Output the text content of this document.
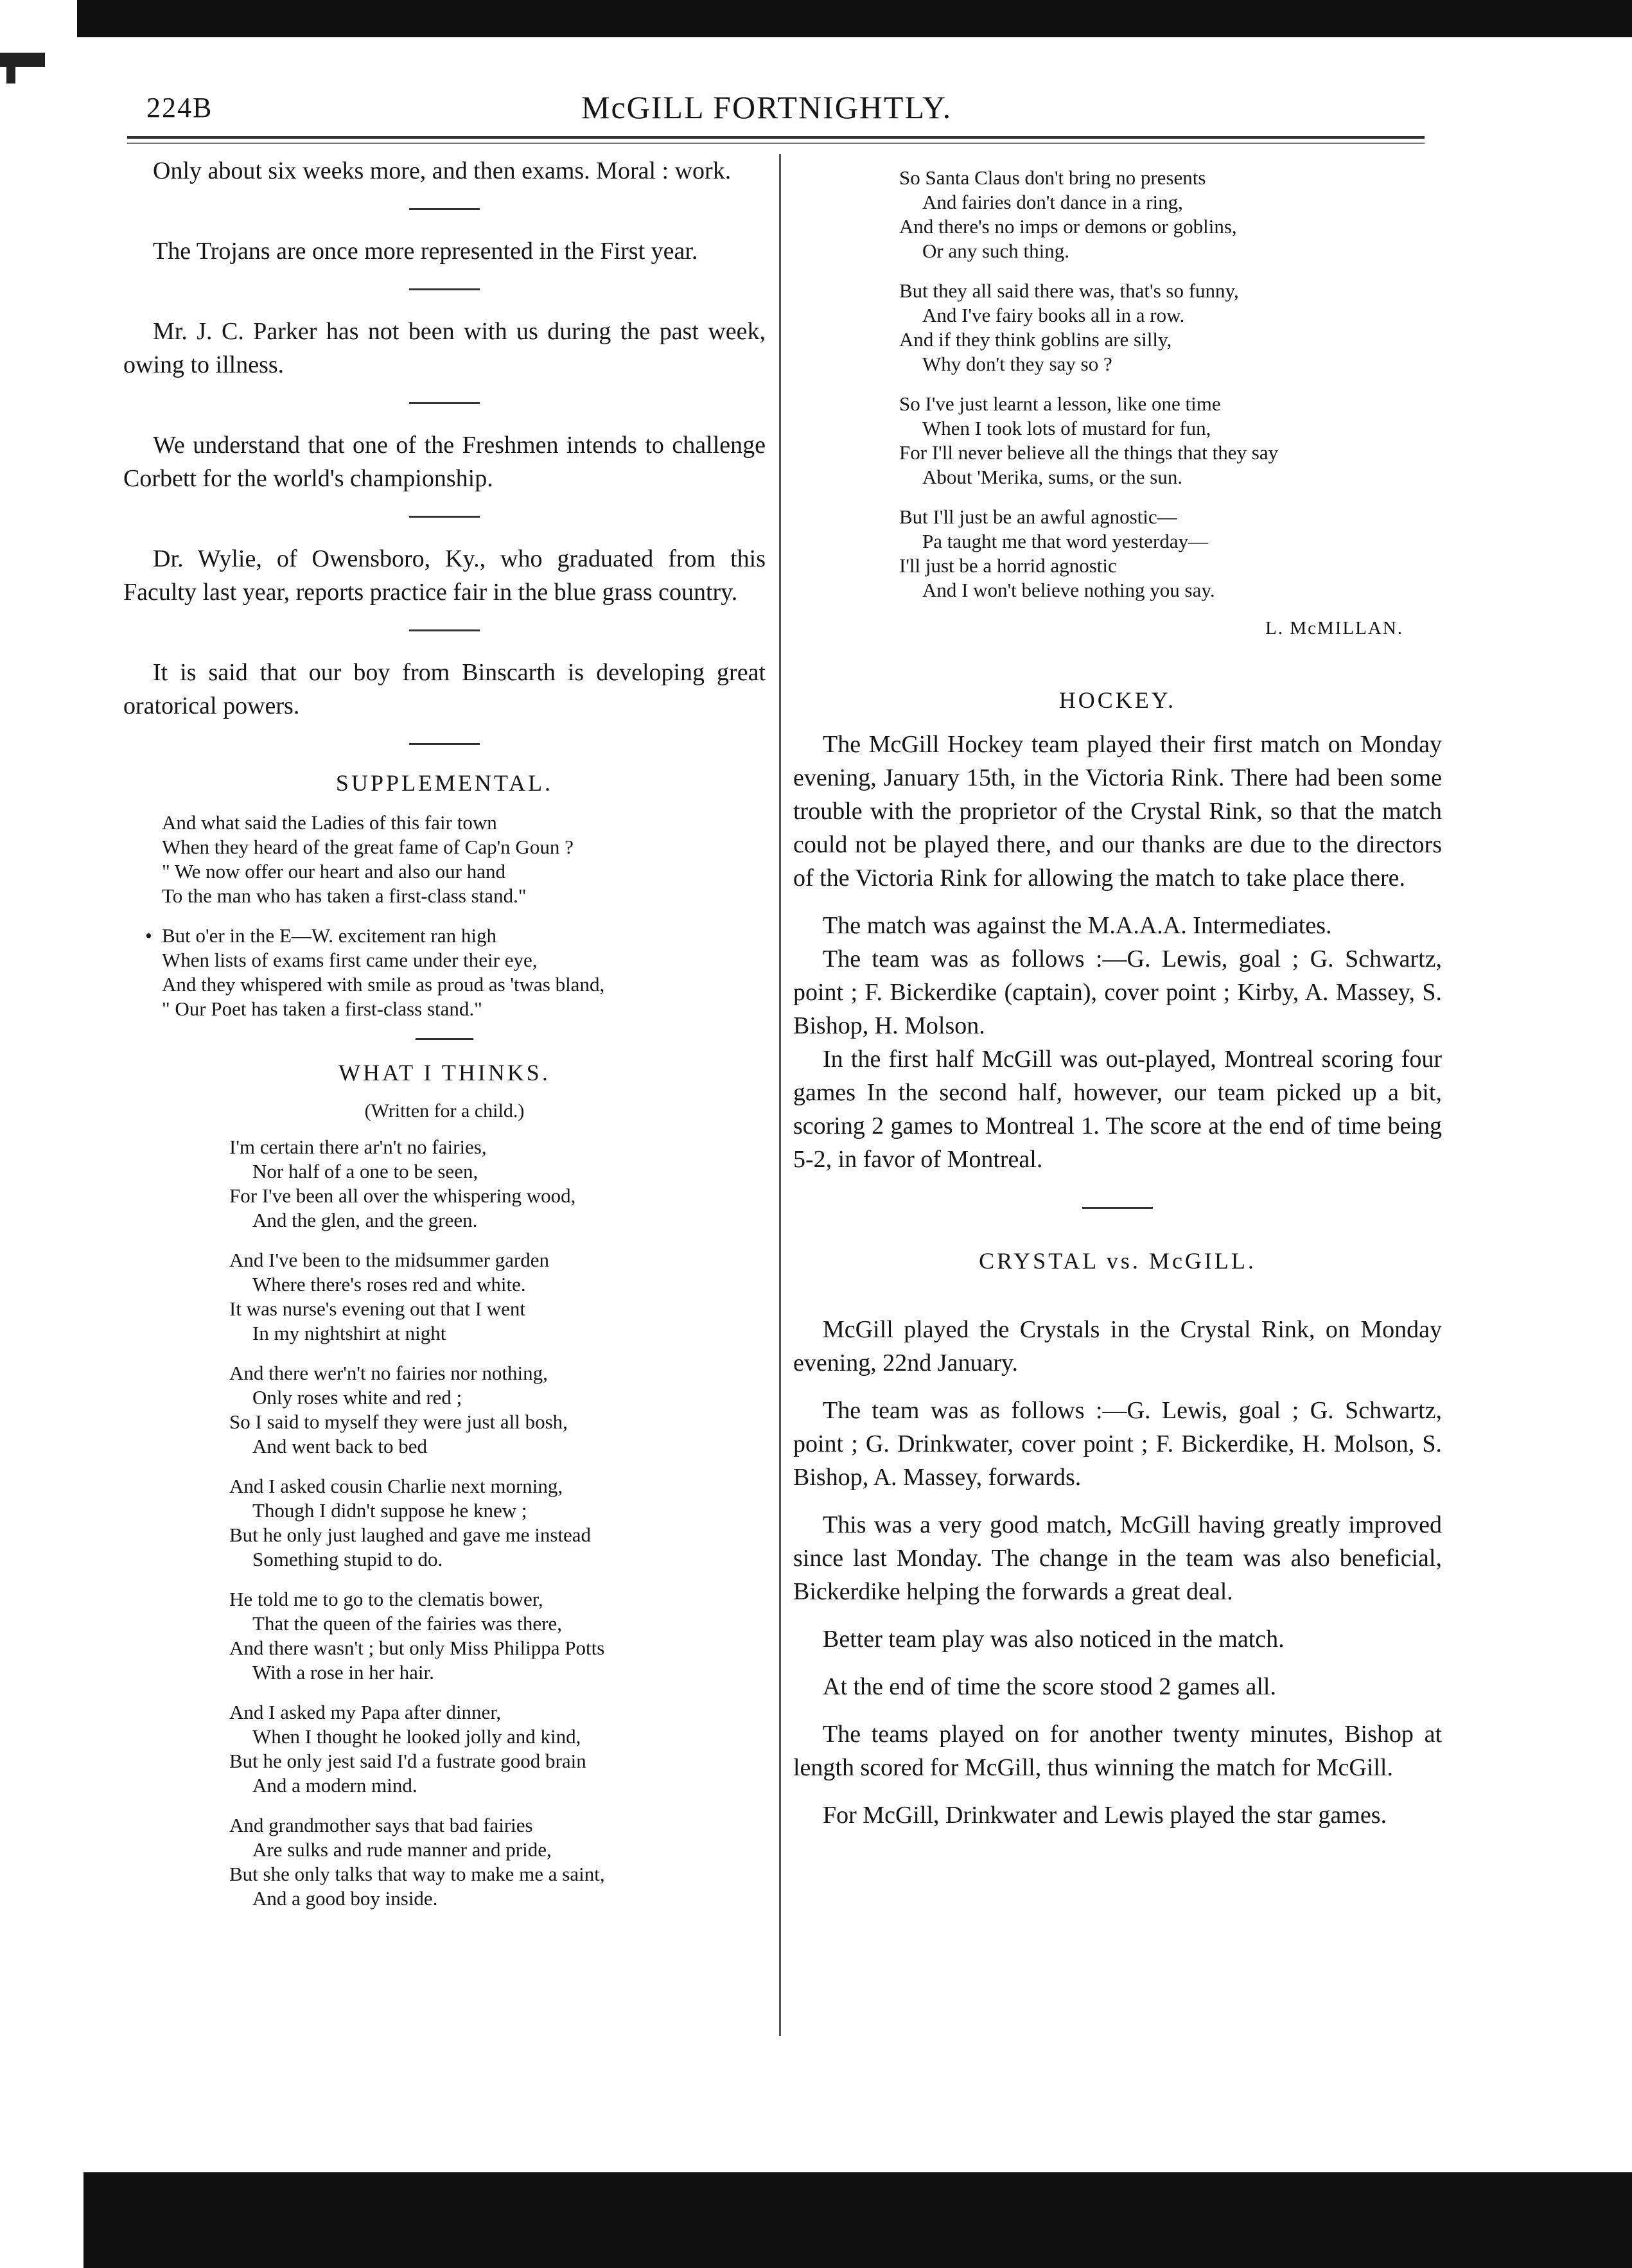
224B	McGILL FORTNIGHTLY.

Only about six weeks more, and then exams. Moral : work.

The Trojans are once more represented in the First year.

Mr. J. C. Parker has not been with us during the past week, owing to illness.

We understand that one of the Freshmen intends to challenge Corbett for the world's championship.

Dr. Wylie, of Owensboro, Ky., who graduated from this Faculty last year, reports practice fair in the blue grass country.

It is said that our boy from Binscarth is developing great oratorical powers.

SUPPLEMENTAL.
And what said the Ladies of this fair town
When they heard of the great fame of Cap'n Goun ?
" We now offer our heart and also our hand
To the man who has taken a first-class stand."
• But o'er in the E—W. excitement ran high
When lists of exams first came under their eye,
And they whispered with smile as proud as 'twas bland,
" Our Poet has taken a first-class stand."
WHAT I THINKS.
(Written for a child.)
I'm certain there ar'n't no fairies,
Nor half of a one to be seen,
For I've been all over the whispering wood,
And the glen, and the green.
And I've been to the midsummer garden
Where there's roses red and white.
It was nurse's evening out that I went
In my nightshirt at night
And there wer'n't no fairies nor nothing,
Only roses white and red ;
So I said to myself they were just all bosh,
And went back to bed
And I asked cousin Charlie next morning,
Though I didn't suppose he knew ;
But he only just laughed and gave me instead
Something stupid to do.
He told me to go to the clematis bower,
That the queen of the fairies was there,
And there wasn't ; but only Miss Philippa Potts
With a rose in her hair.
And I asked my Papa after dinner,
When I thought he looked jolly and kind,
But he only jest said I'd a fustrate good brain
And a modern mind.
And grandmother says that bad fairies
Are sulks and rude manner and pride,
But she only talks that way to make me a saint,
And a good boy inside.
So Santa Claus don't bring no presents
And fairies don't dance in a ring,
And there's no imps or demons or goblins,
Or any such thing.
But they all said there was, that's so funny,
And I've fairy books all in a row.
And if they think goblins are silly,
Why don't they say so ?
So I've just learnt a lesson, like one time
When I took lots of mustard for fun,
For I'll never believe all the things that they say
About 'Merika, sums, or the sun.
But I'll just be an awful agnostic—
Pa taught me that word yesterday—
I'll just be a horrid agnostic
And I won't believe nothing you say.
L. McMILLAN.
HOCKEY.

The McGill Hockey team played their first match on Monday evening, January 15th, in the Victoria Rink. There had been some trouble with the proprietor of the Crystal Rink, so that the match could not be played there, and our thanks are due to the directors of the Victoria Rink for allowing the match to take place there.

The match was against the M.A.A.A. Intermediates.

The team was as follows :—G. Lewis, goal ; G. Schwartz, point ; F. Bickerdike (captain), cover point ; Kirby, A. Massey, S. Bishop, H. Molson.

In the first half McGill was out-played, Montreal scoring four games In the second half, however, our team picked up a bit, scoring 2 games to Montreal 1. The score at the end of time being 5-2, in favor of Montreal.

CRYSTAL vs. McGILL.

McGill played the Crystals in the Crystal Rink, on Monday evening, 22nd January.

The team was as follows :—G. Lewis, goal ; G. Schwartz, point ; G. Drinkwater, cover point ; F. Bickerdike, H. Molson, S. Bishop, A. Massey, forwards.

This was a very good match, McGill having greatly improved since last Monday. The change in the team was also beneficial, Bickerdike helping the forwards a great deal.

Better team play was also noticed in the match.

At the end of time the score stood 2 games all.

The teams played on for another twenty minutes, Bishop at length scored for McGill, thus winning the match for McGill.

For McGill, Drinkwater and Lewis played the star games.
